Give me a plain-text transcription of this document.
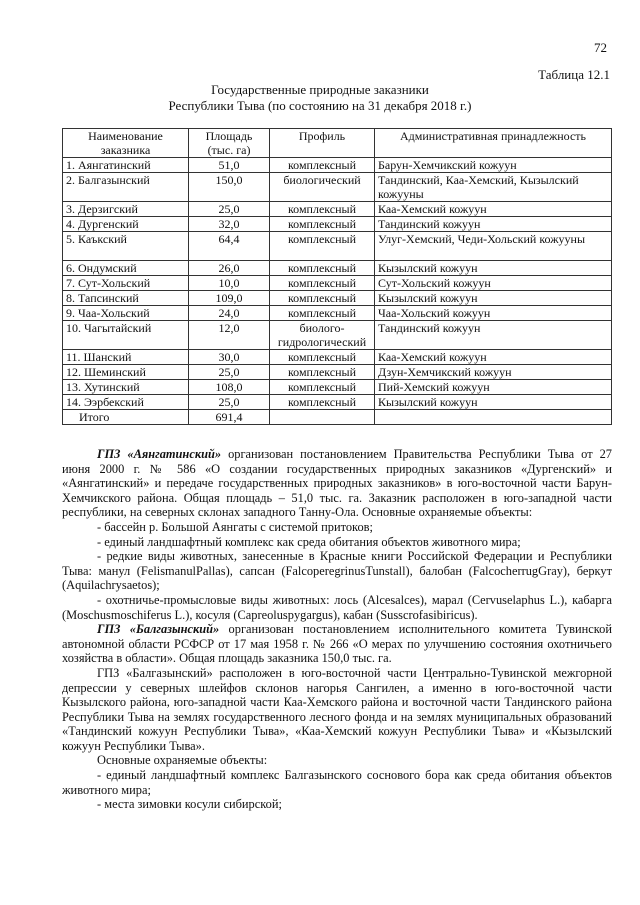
72
Таблица 12.1
Государственные природные заказники
Республики Тыва (по состоянию на 31 декабря 2018 г.)
Наименование заказника	Площадь (тыс. га)	Профиль	Административная принадлежность
1. Аянгатинский	51,0	комплексный	Барун-Хемчикский кожуун
2. Балгазынский	150,0	биологический	Тандинский, Каа-Хемский, Кызылский кожууны
3. Дерзигский	25,0	комплексный	Каа-Хемский кожуун
4. Дургенский	32,0	комплексный	Тандинский кожуун
5. Каъкский	64,4	комплексный	Улуг-Хемский, Чеди-Хольский кожууны
6. Ондумский	26,0	комплексный	Кызылский кожуун
7. Сут-Хольский	10,0	комплексный	Сут-Хольский кожуун
8. Тапсинский	109,0	комплексный	Кызылский кожуун
9. Чаа-Хольский	24,0	комплексный	Чаа-Хольский кожуун
10. Чагытайский	12,0	биолого-гидрологический	Тандинский кожуун
11. Шанский	30,0	комплексный	Каа-Хемский кожуун
12. Шеминский	25,0	комплексный	Дзун-Хемчикский кожуун
13. Хутинский	108,0	комплексный	Пий-Хемский кожуун
14. Ээрбекский	25,0	комплексный	Кызылский кожуун
Итого	691,4		

ГПЗ «Аянгатинский» организован постановлением Правительства Республики Тыва от 27 июня 2000 г. № 586 «О создании государственных природных заказников «Дургенский» и «Аянгатинский» и передаче государственных природных заказников» в юго-восточной части Барун-Хемчикского района. Общая площадь – 51,0 тыс. га. Заказник расположен в юго-западной части республики, на северных склонах западного Танну-Ола. Основные охраняемые объекты:

- бассейн р. Большой Аянгаты с системой притоков;

- единый ландшафтный комплекс как среда обитания объектов животного мира;

- редкие виды животных, занесенные в Красные книги Российской Федерации и Республики Тыва: манул (FelismanulPallas), сапсан (FalcoperegrinusTunstall), балобан (FalcocherrugGray), беркут (Aquilachrysaetos);

- охотничье-промысловые виды животных: лось (Alcesalces), марал (Cervuselaphus L.), кабарга (Moschusmoschiferus L.), косуля (Capreoluspygargus), кабан (Susscrofasibiricus).

ГПЗ «Балгазынский» организован постановлением исполнительного комитета Тувинской автономной области РСФСР от 17 мая 1958 г. № 266 «О мерах по улучшению состояния охотничьего хозяйства в области». Общая площадь заказника 150,0 тыс. га.

ГПЗ «Балгазынский» расположен в юго-восточной части Центрально-Тувинской межгорной депрессии у северных шлейфов склонов нагорья Сангилен, а именно в юго-восточной части Кызылского района, юго-западной части Каа-Хемского района и восточной части Тандинского района Республики Тыва на землях государственного лесного фонда и на землях муниципальных образований «Тандинский кожуун Республики Тыва», «Каа-Хемский кожуун Республики Тыва» и «Кызылский кожуун Республики Тыва».

Основные охраняемые объекты:

- единый ландшафтный комплекс Балгазынского соснового бора как среда обитания объектов животного мира;

- места зимовки косули сибирской;
